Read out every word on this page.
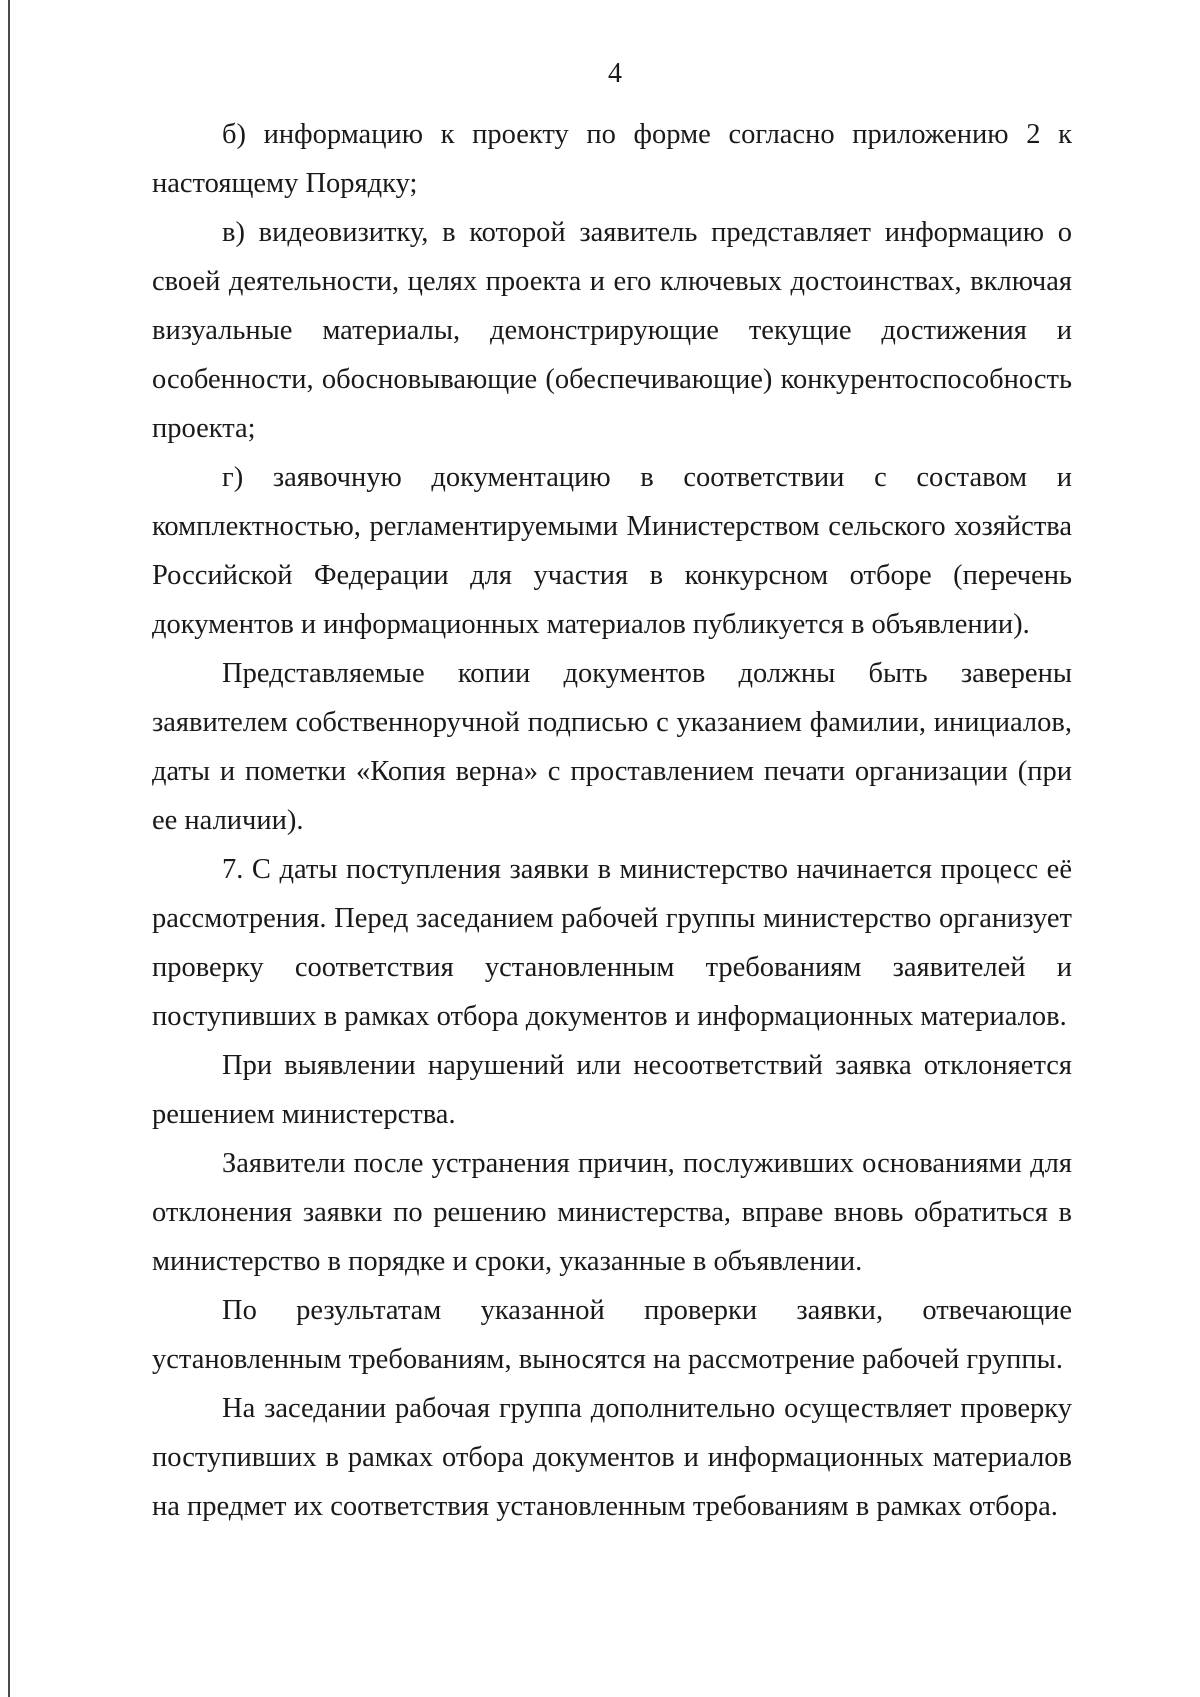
4

б) информацию к проекту по форме согласно приложению 2 к настоящему Порядку;

в) видеовизитку, в которой заявитель представляет информацию о своей деятельности, целях проекта и его ключевых достоинствах, включая визуальные материалы, демонстрирующие текущие достижения и особенности, обосновывающие (обеспечивающие) конкурентоспособность проекта;

г) заявочную документацию в соответствии с составом и комплектностью, регламентируемыми Министерством сельского хозяйства Российской Федерации для участия в конкурсном отборе (перечень документов и информационных материалов публикуется в объявлении).

Представляемые копии документов должны быть заверены заявителем собственноручной подписью с указанием фамилии, инициалов, даты и пометки «Копия верна» с проставлением печати организации (при ее наличии).

7. С даты поступления заявки в министерство начинается процесс её рассмотрения. Перед заседанием рабочей группы министерство организует проверку соответствия установленным требованиям заявителей и поступивших в рамках отбора документов и информационных материалов.

При выявлении нарушений или несоответствий заявка отклоняется решением министерства.

Заявители после устранения причин, послуживших основаниями для отклонения заявки по решению министерства, вправе вновь обратиться в министерство в порядке и сроки, указанные в объявлении.

По результатам указанной проверки заявки, отвечающие установленным требованиям, выносятся на рассмотрение рабочей группы.

На заседании рабочая группа дополнительно осуществляет проверку поступивших в рамках отбора документов и информационных материалов на предмет их соответствия установленным требованиям в рамках отбора.
